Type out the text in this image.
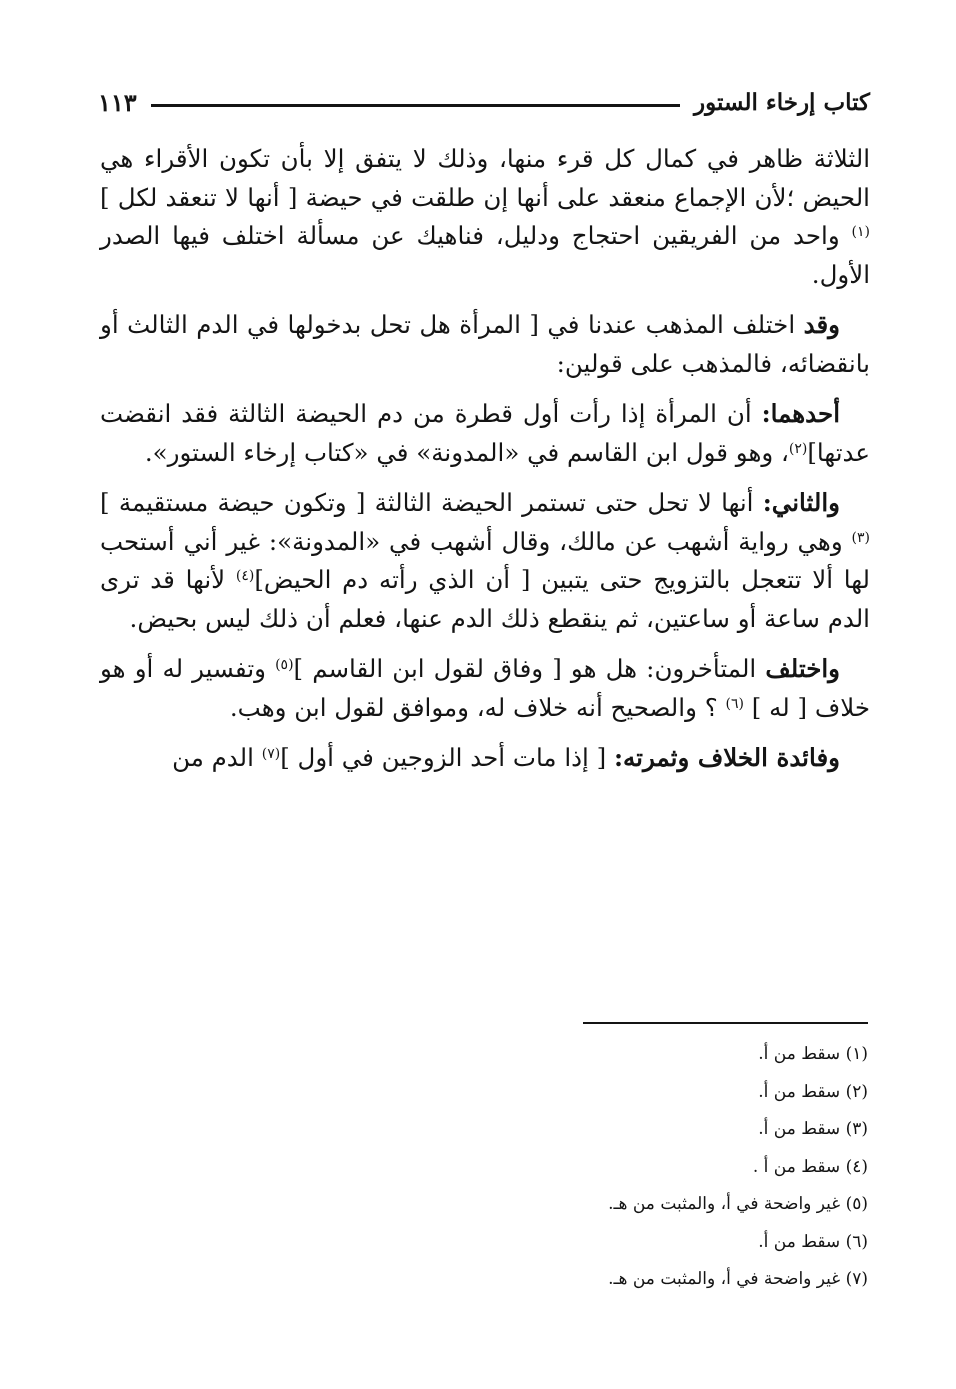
كتاب إرخاء الستور
١١٣

الثلاثة ظاهر في كمال كل قرء منها، وذلك لا يتفق إلا بأن تكون الأقراء هي الحيض ؛لأن الإجماع منعقد على أنها إن طلقت في حيضة [ أنها لا تنعقد لكل ] $^{(١)}$ واحد من الفريقين احتجاج ودليل، فناهيك عن مسألة اختلف فيها الصدر الأول.

وقد اختلف المذهب عندنا في [ المرأة هل تحل بدخولها في الدم الثالث أو بانقضائه، فالمذهب على قولين:

أحدهما: أن المرأة إذا رأت أول قطرة من دم الحيضة الثالثة فقد انقضت عدتها]$^{(٢)}$، وهو قول ابن القاسم في «المدونة» في «كتاب إرخاء الستور».

والثاني: أنها لا تحل حتى تستمر الحيضة الثالثة [ وتكون حيضة مستقيمة ]$^{(٣)}$ وهي رواية أشهب عن مالك، وقال أشهب في «المدونة»: غير أني أستحب لها ألا تتعجل بالتزويج حتى يتبين [ أن الذي رأته دم الحيض]$^{(٤)}$ لأنها قد ترى الدم ساعة أو ساعتين، ثم ينقطع ذلك الدم عنها، فعلم أن ذلك ليس بحيض.

واختلف المتأخرون: هل هو [ وفاق لقول ابن القاسم ]$^{(٥)}$ وتفسير له أو هو خلاف [ له ] $^{(٦)}$ ؟ والصحيح أنه خلاف له، وموافق لقول ابن وهب.

وفائدة الخلاف وثمرته: [ إذا مات أحد الزوجين في أول ]$^{(٧)}$ الدم من

(١) سقط من أ.
(٢) سقط من أ.
(٣) سقط من أ.
(٤) سقط من أ .
(٥) غير واضحة في أ، والمثبت من هـ.
(٦) سقط من أ.
(٧) غير واضحة في أ، والمثبت من هـ.
